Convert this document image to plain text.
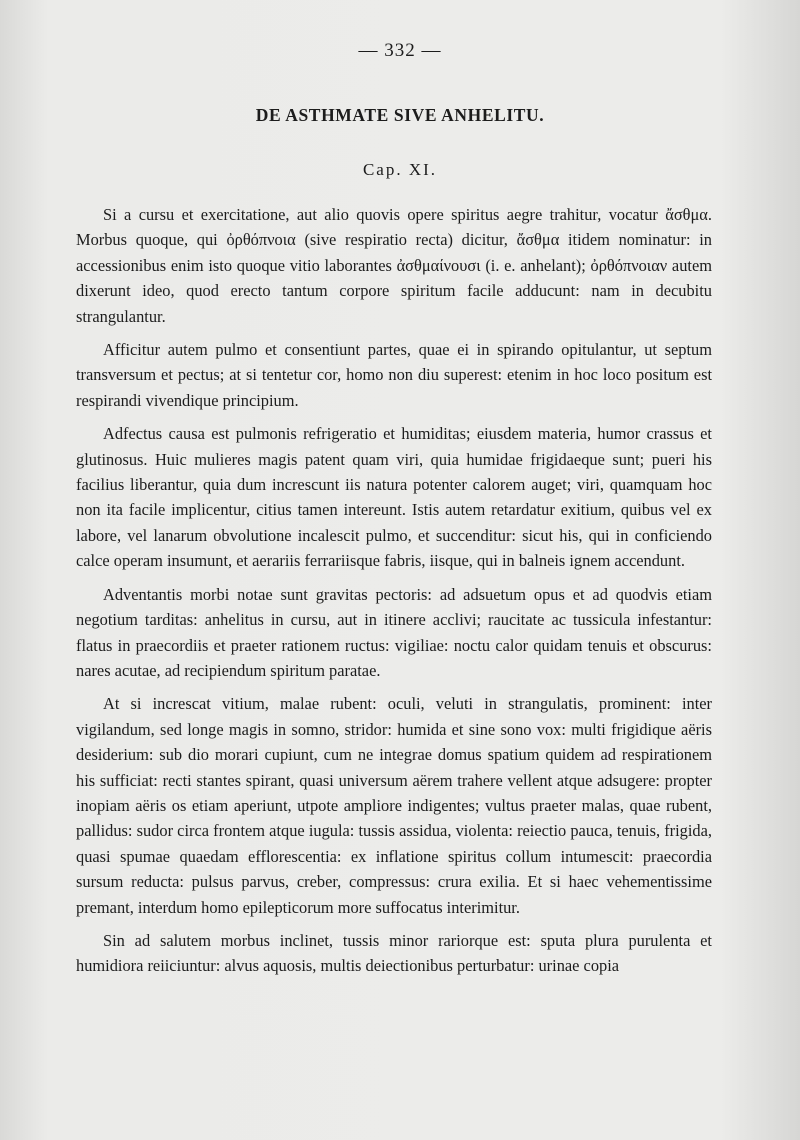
— 332 —
DE ASTHMATE SIVE ANHELITU.
Cap. XI.

Si a cursu et exercitatione, aut alio quovis opere spiritus aegre trahitur, vocatur ἄσθμα. Morbus quoque, qui ὀρθόπνοια (sive respiratio recta) dicitur, ἄσθμα itidem nominatur: in accessionibus enim isto quoque vitio laborantes ἀσθμαίνουσι (i. e. anhelant); ὀρθόπνοιαν autem dixerunt ideo, quod erecto tantum corpore spiritum facile adducunt: nam in decubitu strangulantur.

Afficitur autem pulmo et consentiunt partes, quae ei in spirando opitulantur, ut septum transversum et pectus; at si tentetur cor, homo non diu superest: etenim in hoc loco positum est respirandi vivendique principium.

Adfectus causa est pulmonis refrigeratio et humiditas; eiusdem materia, humor crassus et glutinosus. Huic mulieres magis patent quam viri, quia humidae frigidaeque sunt; pueri his facilius liberantur, quia dum increscunt iis natura potenter calorem auget; viri, quamquam hoc non ita facile implicentur, citius tamen intereunt. Istis autem retardatur exitium, quibus vel ex labore, vel lanarum obvolutione incalescit pulmo, et succenditur: sicut his, qui in conficiendo calce operam insumunt, et aerariis ferrariisque fabris, iisque, qui in balneis ignem accendunt.

Adventantis morbi notae sunt gravitas pectoris: ad adsuetum opus et ad quodvis etiam negotium tarditas: anhelitus in cursu, aut in itinere acclivi; raucitate ac tussicula infestantur: flatus in praecordiis et praeter rationem ructus: vigiliae: noctu calor quidam tenuis et obscurus: nares acutae, ad recipiendum spiritum paratae.

At si increscat vitium, malae rubent: oculi, veluti in strangulatis, prominent: inter vigilandum, sed longe magis in somno, stridor: humida et sine sono vox: multi frigidique aëris desiderium: sub dio morari cupiunt, cum ne integrae domus spatium quidem ad respirationem his sufficiat: recti stantes spirant, quasi universum aërem trahere vellent atque adsugere: propter inopiam aëris os etiam aperiunt, utpote ampliore indigentes; vultus praeter malas, quae rubent, pallidus: sudor circa frontem atque iugula: tussis assidua, violenta: reiectio pauca, tenuis, frigida, quasi spumae quaedam efflorescentia: ex inflatione spiritus collum intumescit: praecordia sursum reducta: pulsus parvus, creber, compressus: crura exilia. Et si haec vehementissime premant, interdum homo epilepticorum more suffocatus interimitur.

Sin ad salutem morbus inclinet, tussis minor rariorque est: sputa plura purulenta et humidiora reiiciuntur: alvus aquosis, multis deiectionibus perturbatur: urinae copia
